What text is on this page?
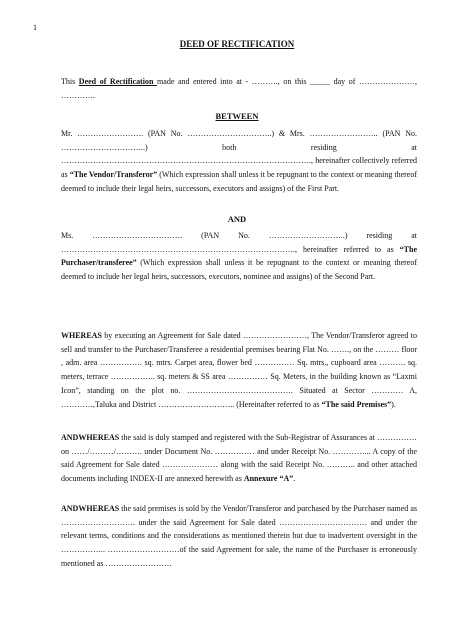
1
DEED OF RECTIFICATION
This Deed of Rectification made and entered into at - ………., on this _____ day of …………………, ………….
BETWEEN
Mr. ……………………. (PAN No. …………………………..) & Mrs. …………………….. (PAN No. …………………………..) both residing at …………………………………………………………………………………., hereinafter collectively referred as “The Vendor/Transferor” (Which expression shall unless it be repugnant to the context or meaning thereof deemed to include their legal heirs, successors, executors and assigns) of the First Part.
AND
Ms. ……………………………. (PAN No. ………………………..) residing at ……………………………………………………………………………., hereinafter referred to as “The Purchaser/transferee” (Which expression shall unless it be repugnant to the context or meaning thereof deemed to include her legal heirs, successors, executors, nominee and assigns) of the Second Part.
WHEREAS by executing an Agreement for Sale dated ……………………, The Vendor/Transferor agreed to sell and transfer to the Purchaser/Transferee a residential premises bearing Flat No. ……., on the ……… floor , adm. area ……………. sq. mtrs. Carpet area, flower bed …………… Sq. mtrs., cupboard area ………. sq. meters, terrace …………….. sq. meters & SS area …………… Sq. Meters, in the building known as “Laxmi Icon”, standing on the plot no. …………………………………. Situated at Sector ………… A, …………,Taluka and District ……………………….. (Hereinafter referred to as “The said Premises”).
ANDWHEREAS the said is duly stamped and registered with the Sub-Registrar of Assurances at …………… on ……/………/………. under Document No. …………… and under Receipt No. …………... A copy of the said Agreement for Sale dated ………………… along with the said Receipt No. ……….. and other attached documents including INDEX-II are annexed herewith as Annexure “A”.
ANDWHEREAS the said premises is sold by the Vendor/Transferor and purchased by the Purchaser named as ………………………. under the said Agreement for Sale dated …………………………… and under the relevant terms, conditions and the considerations as mentioned therein but due to inadvertent oversight in the …………….. ………………………of the said Agreement for sale, the name of the Purchaser is erroneously mentioned as …………………….
